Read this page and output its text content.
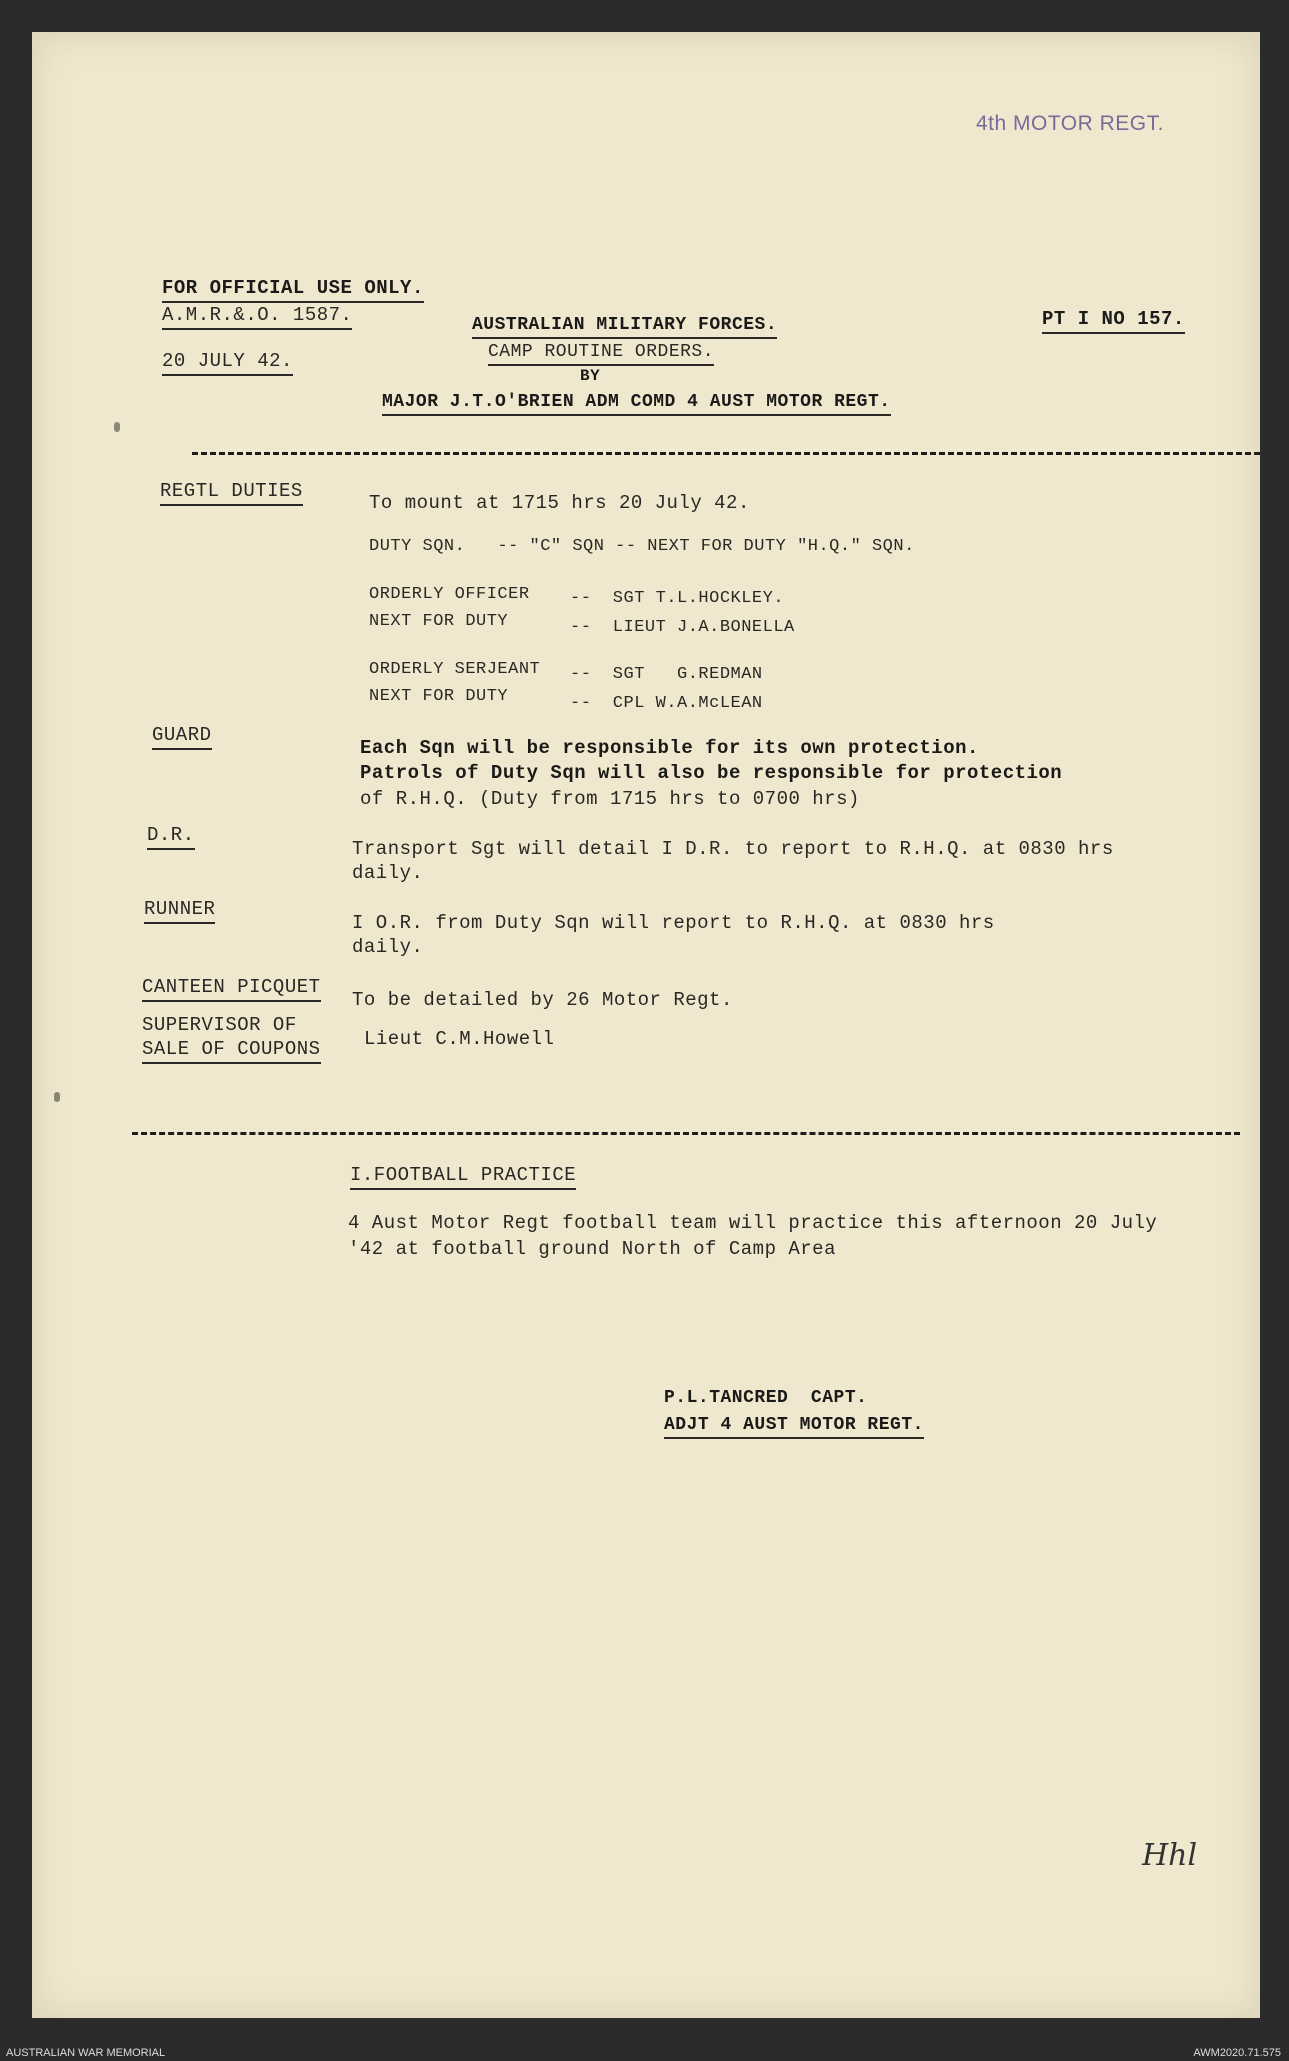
4th MOTOR REGT.
FOR OFFICIAL USE ONLY.
A.M.R.&.O. 1587.
20 JULY 42.
AUSTRALIAN MILITARY FORCES.
CAMP ROUTINE ORDERS.
BY
MAJOR J.T.O'BRIEN ADM COMD 4 AUST MOTOR REGT.
PT I NO 157.
REGTL DUTIES
To mount at 1715 hrs 20 July 42.
DUTY SQN.   -- "C" SQN -- NEXT FOR DUTY "H.Q." SQN.
ORDERLY OFFICER --  SGT T.L.HOCKLEY.
NEXT FOR DUTY	--  LIEUT J.A.BONELLA
ORDERLY SERJEANT --  SGT   G.REDMAN
NEXT FOR DUTY	--  CPL W.A.McLEAN
GUARD
Each Sqn will be responsible for its own protection.
Patrols of Duty Sqn will also be responsible for protection
of R.H.Q. (Duty from 1715 hrs to 0700 hrs)
D.R.
Transport Sgt will detail I D.R. to report to R.H.Q. at 0830 hrs
daily.
RUNNER
I O.R. from Duty Sqn will report to R.H.Q. at 0830 hrs
daily.
CANTEEN PICQUET
To be detailed by 26 Motor Regt.
SUPERVISOR OF
SALE OF COUPONS Lieut C.M.Howell
I.FOOTBALL PRACTICE
4 Aust Motor Regt football team will practice this afternoon 20 July
'42 at football ground North of Camp Area
P.L.TANCRED  CAPT.
ADJT 4 AUST MOTOR REGT.
Hhl
AUSTRALIAN WAR MEMORIAL	AWM2020.71.575
